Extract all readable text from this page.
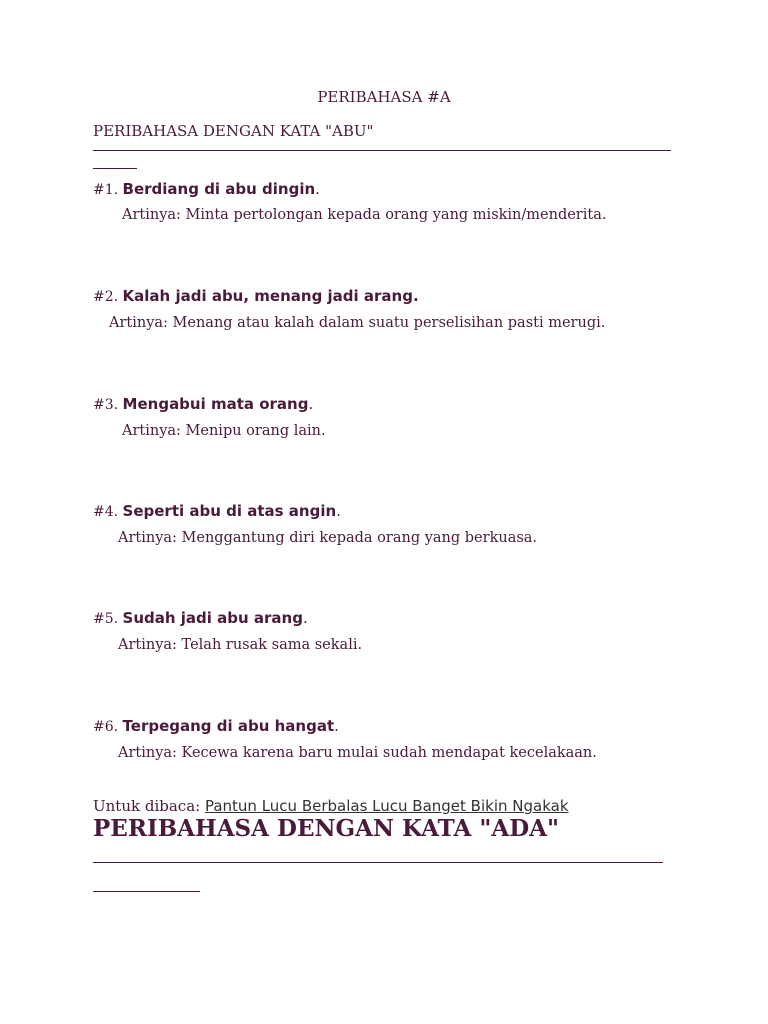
PERIBAHASA #A
PERIBAHASA DENGAN KATA "ABU"
#1. Berdiang di abu dingin.
Artinya: Minta pertolongan kepada orang yang miskin/menderita.
#2. Kalah jadi abu, menang jadi arang.
Artinya: Menang atau kalah dalam suatu perselisihan pasti merugi.
#3. Mengabui mata orang.
Artinya: Menipu orang lain.
#4. Seperti abu di atas angin.
Artinya: Menggantung diri kepada orang yang berkuasa.
#5. Sudah jadi abu arang.
Artinya: Telah rusak sama sekali.
#6. Terpegang di abu hangat.
Artinya: Kecewa karena baru mulai sudah mendapat kecelakaan.
Untuk dibaca: Pantun Lucu Berbalas Lucu Banget Bikin Ngakak
PERIBAHASA DENGAN KATA "ADA"
